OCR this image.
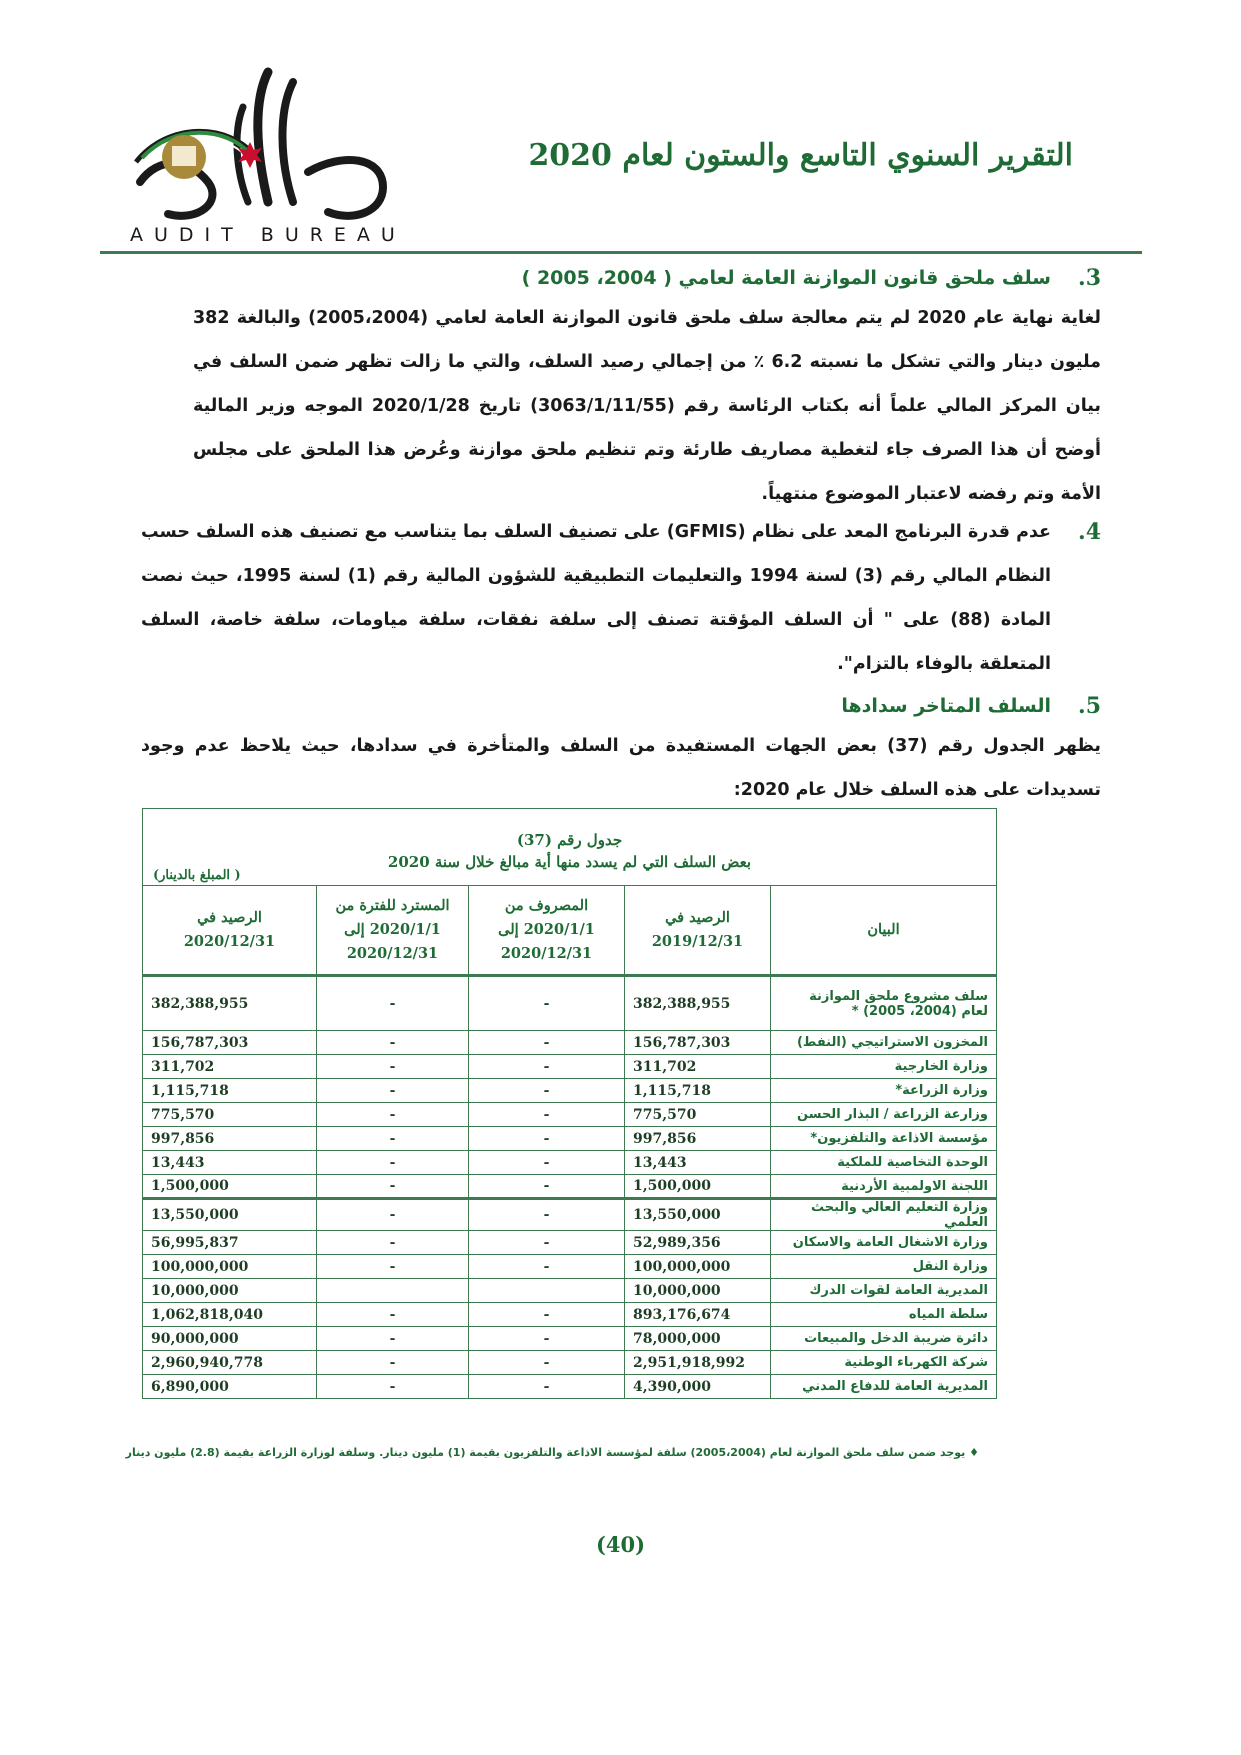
AUDIT BUREAU
التقرير السنوي التاسع والستون لعام 2020
3.
سلف ملحق قانون الموازنة العامة لعامي ( 2004، 2005 )
لغاية نهاية عام 2020 لم يتم معالجة سلف ملحق قانون الموازنة العامة لعامي (2005،2004) والبالغة 382 مليون دينار والتي تشكل ما نسبته 6.2 ٪ من إجمالي رصيد السلف، والتي ما زالت تظهر ضمن السلف في بيان المركز المالي علماً أنه بكتاب الرئاسة رقم (3063/1/11/55) تاريخ 2020/1/28 الموجه وزير المالية أوضح أن هذا الصرف جاء لتغطية مصاريف طارئة وتم تنظيم ملحق موازنة وعُرض هذا الملحق على مجلس الأمة وتم رفضه لاعتبار الموضوع منتهياً.
4.
عدم قدرة البرنامج المعد على نظام (GFMIS) على تصنيف السلف بما يتناسب مع تصنيف هذه السلف حسب النظام المالي رقم (3) لسنة 1994 والتعليمات التطبيقية للشؤون المالية رقم (1) لسنة 1995، حيث نصت المادة (88) على " أن السلف المؤقتة تصنف إلى سلفة نفقات، سلفة مياومات، سلفة خاصة، السلف المتعلقة بالوفاء بالتزام".
5.
السلف المتاخر سدادها
يظهر الجدول رقم (37) بعض الجهات المستفيدة من السلف والمتأخرة في سدادها، حيث يلاحظ عدم وجود تسديدات على هذه السلف خلال عام 2020:
جدول رقم (37)
بعض السلف التي لم يسدد منها أية مبالغ خلال سنة 2020
( المبلغ بالدينار)				

البيان	الرصيد في 2019/12/31	المصروف من 2020/1/1 إلى 2020/12/31	المسترد للفترة من 2020/1/1 إلى 2020/12/31	الرصيد في 2020/12/31
سلف مشروع ملحق الموازنة لعام (2004، 2005) *	382,388,955	-	-	382,388,955
المخزون الاستراتيجي (النفط)	156,787,303	-	-	156,787,303
وزارة الخارجية	311,702	-	-	311,702
وزارة الزراعة*	1,115,718	-	-	1,115,718
وزارعة الزراعة / البذار الحسن	775,570	-	-	775,570
مؤسسة الاذاعة والتلفزيون*	997,856	-	-	997,856
الوحدة التخاصية للملكية	13,443	-	-	13,443
اللجنة الاولمبية الأردنية	1,500,000	-	-	1,500,000
وزارة التعليم العالي والبحث العلمي	13,550,000	-	-	13,550,000
وزارة الاشغال العامة والاسكان	52,989,356	-	-	56,995,837
وزارة النقل	100,000,000	-	-	100,000,000
المديرية العامة لقوات الدرك	10,000,000			10,000,000
سلطة المياه	893,176,674	-	-	1,062,818,040
دائرة ضريبة الدخل والمبيعات	78,000,000	-	-	90,000,000
شركة الكهرباء الوطنية	2,951,918,992	-	-	2,960,940,778
المديرية العامة للدفاع المدني	4,390,000	-	-	6,890,000
♦ يوجد ضمن سلف ملحق الموازنة لعام (2005،2004) سلفة لمؤسسة الاذاعة والتلفزيون بقيمة (1) مليون دينار. وسلفة لوزارة الزراعة بقيمة (2.8) مليون دينار
(40)
